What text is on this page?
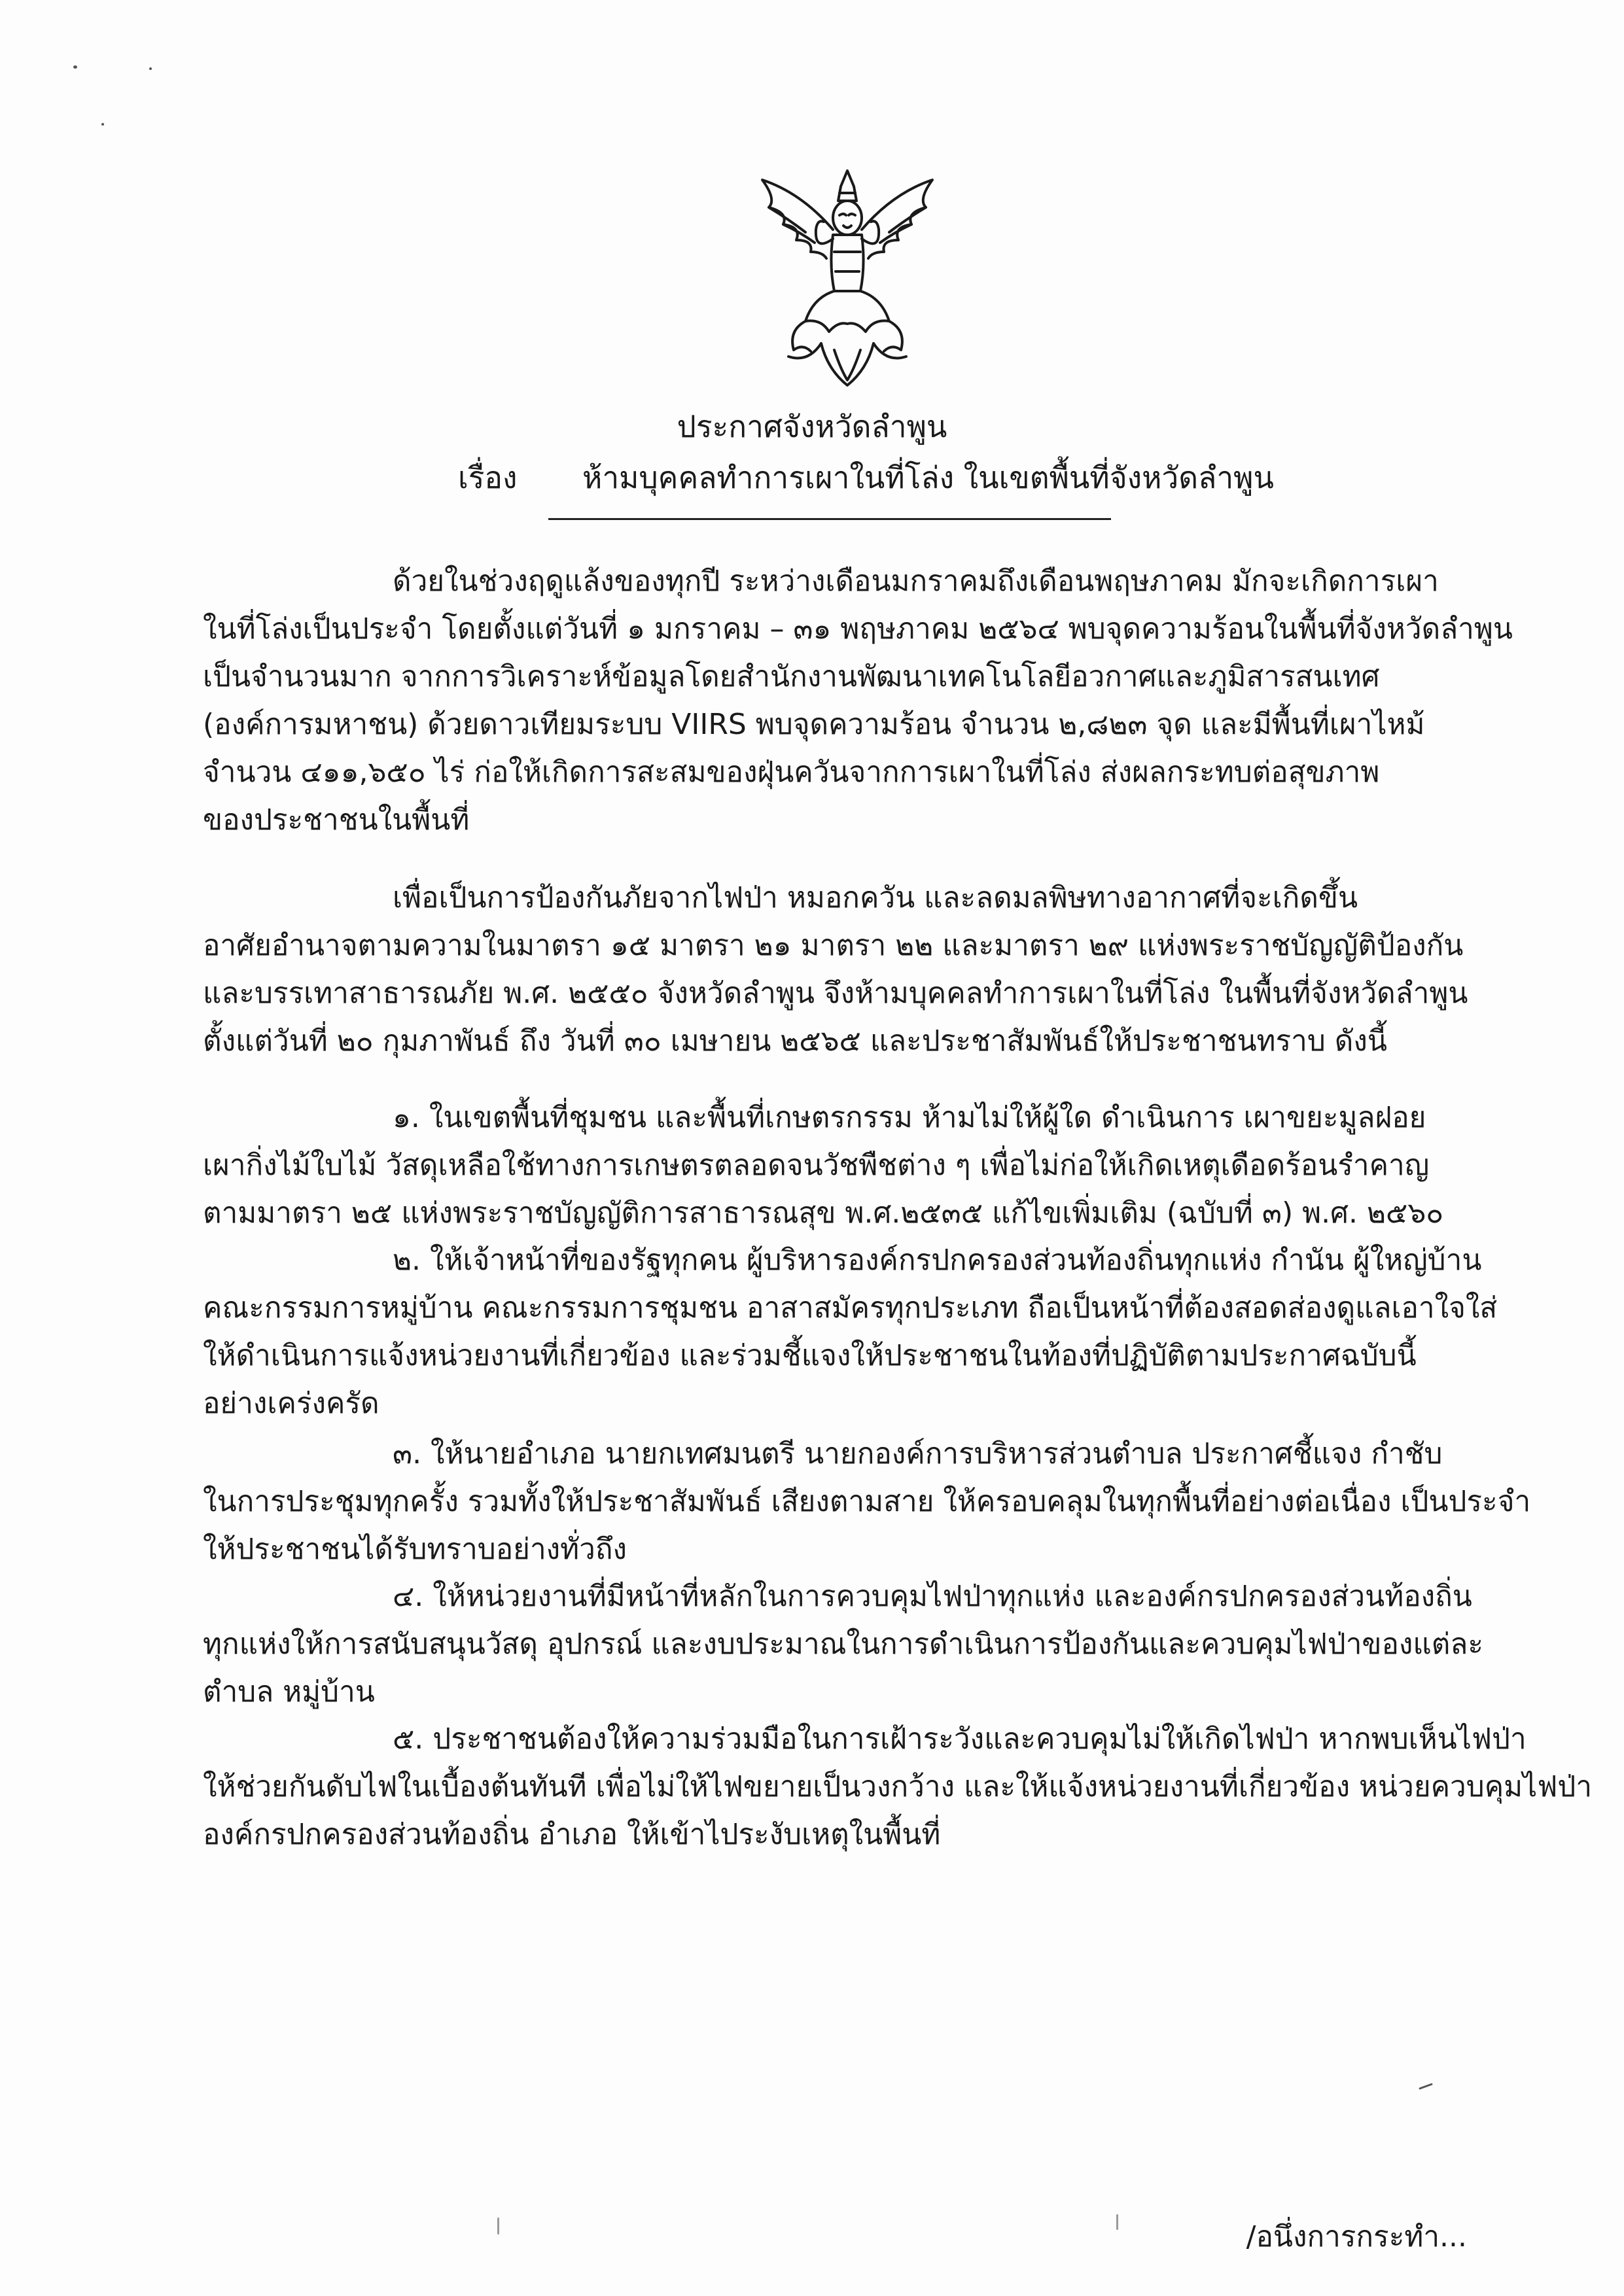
ประกาศจังหวัดลำพูน
เรื่อง ห้ามบุคคลทำการเผาในที่โล่ง ในเขตพื้นที่จังหวัดลำพูน
ด้วยในช่วงฤดูแล้งของทุกปี ระหว่างเดือนมกราคมถึงเดือนพฤษภาคม มักจะเกิดการเผา
ในที่โล่งเป็นประจำ โดยตั้งแต่วันที่ ๑ มกราคม – ๓๑ พฤษภาคม ๒๕๖๔ พบจุดความร้อนในพื้นที่จังหวัดลำพูน
เป็นจำนวนมาก จากการวิเคราะห์ข้อมูลโดยสำนักงานพัฒนาเทคโนโลยีอวกาศและภูมิสารสนเทศ
(องค์การมหาชน) ด้วยดาวเทียมระบบ VIIRS พบจุดความร้อน จำนวน ๒,๘๒๓ จุด และมีพื้นที่เผาไหม้
จำนวน ๔๑๑,๖๕๐ ไร่ ก่อให้เกิดการสะสมของฝุ่นควันจากการเผาในที่โล่ง ส่งผลกระทบต่อสุขภาพ
ของประชาชนในพื้นที่
เพื่อเป็นการป้องกันภัยจากไฟป่า หมอกควัน และลดมลพิษทางอากาศที่จะเกิดขึ้น
อาศัยอำนาจตามความในมาตรา ๑๕ มาตรา ๒๑ มาตรา ๒๒ และมาตรา ๒๙ แห่งพระราชบัญญัติป้องกัน
และบรรเทาสาธารณภัย พ.ศ. ๒๕๕๐ จังหวัดลำพูน จึงห้ามบุคคลทำการเผาในที่โล่ง ในพื้นที่จังหวัดลำพูน
ตั้งแต่วันที่ ๒๐ กุมภาพันธ์ ถึง วันที่ ๓๐ เมษายน ๒๕๖๕ และประชาสัมพันธ์ให้ประชาชนทราบ ดังนี้
๑. ในเขตพื้นที่ชุมชน และพื้นที่เกษตรกรรม ห้ามไม่ให้ผู้ใด ดำเนินการ เผาขยะมูลฝอย
เผากิ่งไม้ใบไม้ วัสดุเหลือใช้ทางการเกษตรตลอดจนวัชพืชต่าง ๆ เพื่อไม่ก่อให้เกิดเหตุเดือดร้อนรำคาญ
ตามมาตรา ๒๕ แห่งพระราชบัญญัติการสาธารณสุข พ.ศ.๒๕๓๕ แก้ไขเพิ่มเติม (ฉบับที่ ๓) พ.ศ. ๒๕๖๐
๒. ให้เจ้าหน้าที่ของรัฐทุกคน ผู้บริหารองค์กรปกครองส่วนท้องถิ่นทุกแห่ง กำนัน ผู้ใหญ่บ้าน
คณะกรรมการหมู่บ้าน คณะกรรมการชุมชน อาสาสมัครทุกประเภท ถือเป็นหน้าที่ต้องสอดส่องดูแลเอาใจใส่
ให้ดำเนินการแจ้งหน่วยงานที่เกี่ยวข้อง และร่วมชี้แจงให้ประชาชนในท้องที่ปฏิบัติตามประกาศฉบับนี้
อย่างเคร่งครัด
๓. ให้นายอำเภอ นายกเทศมนตรี นายกองค์การบริหารส่วนตำบล ประกาศชี้แจง กำชับ
ในการประชุมทุกครั้ง รวมทั้งให้ประชาสัมพันธ์ เสียงตามสาย ให้ครอบคลุมในทุกพื้นที่อย่างต่อเนื่อง เป็นประจำ
ให้ประชาชนได้รับทราบอย่างทั่วถึง
๔. ให้หน่วยงานที่มีหน้าที่หลักในการควบคุมไฟป่าทุกแห่ง และองค์กรปกครองส่วนท้องถิ่น
ทุกแห่งให้การสนับสนุนวัสดุ อุปกรณ์ และงบประมาณในการดำเนินการป้องกันและควบคุมไฟป่าของแต่ละ
ตำบล หมู่บ้าน
๕. ประชาชนต้องให้ความร่วมมือในการเฝ้าระวังและควบคุมไม่ให้เกิดไฟป่า หากพบเห็นไฟป่า
ให้ช่วยกันดับไฟในเบื้องต้นทันที เพื่อไม่ให้ไฟขยายเป็นวงกว้าง และให้แจ้งหน่วยงานที่เกี่ยวข้อง หน่วยควบคุมไฟป่า
องค์กรปกครองส่วนท้องถิ่น อำเภอ ให้เข้าไประงับเหตุในพื้นที่
/อนึ่งการกระทำ...
